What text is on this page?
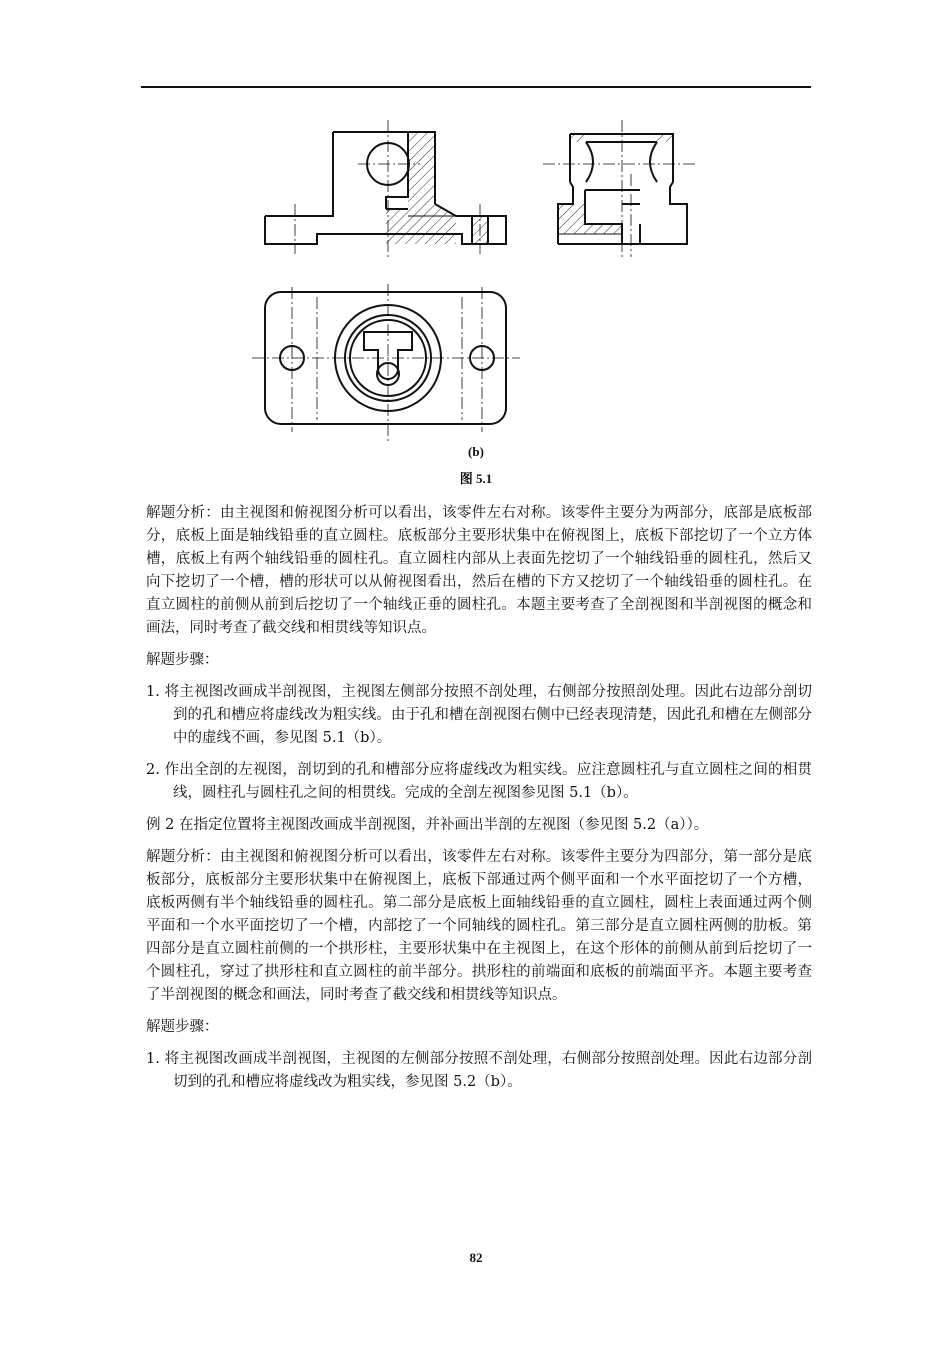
(b)
图 5.1

解题分析：由主视图和俯视图分析可以看出，该零件左右对称。该零件主要分为两部分，底部是底板部分，底板上面是轴线铅垂的直立圆柱。底板部分主要形状集中在俯视图上，底板下部挖切了一个立方体槽，底板上有两个轴线铅垂的圆柱孔。直立圆柱内部从上表面先挖切了一个轴线铅垂的圆柱孔，然后又向下挖切了一个槽，槽的形状可以从俯视图看出，然后在槽的下方又挖切了一个轴线铅垂的圆柱孔。在直立圆柱的前侧从前到后挖切了一个轴线正垂的圆柱孔。本题主要考查了全剖视图和半剖视图的概念和画法，同时考查了截交线和相贯线等知识点。

解题步骤：

1. 将主视图改画成半剖视图，主视图左侧部分按照不剖处理，右侧部分按照剖处理。因此右边部分剖切到的孔和槽应将虚线改为粗实线。由于孔和槽在剖视图右侧中已经表现清楚，因此孔和槽在左侧部分中的虚线不画，参见图 5.1（b）。

2. 作出全剖的左视图，剖切到的孔和槽部分应将虚线改为粗实线。应注意圆柱孔与直立圆柱之间的相贯线，圆柱孔与圆柱孔之间的相贯线。完成的全剖左视图参见图 5.1（b）。

例 2 在指定位置将主视图改画成半剖视图，并补画出半剖的左视图（参见图 5.2（a））。

解题分析：由主视图和俯视图分析可以看出，该零件左右对称。该零件主要分为四部分，第一部分是底板部分，底板部分主要形状集中在俯视图上，底板下部通过两个侧平面和一个水平面挖切了一个方槽，底板两侧有半个轴线铅垂的圆柱孔。第二部分是底板上面轴线铅垂的直立圆柱，圆柱上表面通过两个侧平面和一个水平面挖切了一个槽，内部挖了一个同轴线的圆柱孔。第三部分是直立圆柱两侧的肋板。第四部分是直立圆柱前侧的一个拱形柱，主要形状集中在主视图上，在这个形体的前侧从前到后挖切了一个圆柱孔，穿过了拱形柱和直立圆柱的前半部分。拱形柱的前端面和底板的前端面平齐。本题主要考查了半剖视图的概念和画法，同时考查了截交线和相贯线等知识点。

解题步骤：

1. 将主视图改画成半剖视图，主视图的左侧部分按照不剖处理，右侧部分按照剖处理。因此右边部分剖切到的孔和槽应将虚线改为粗实线，参见图 5.2（b）。

82
